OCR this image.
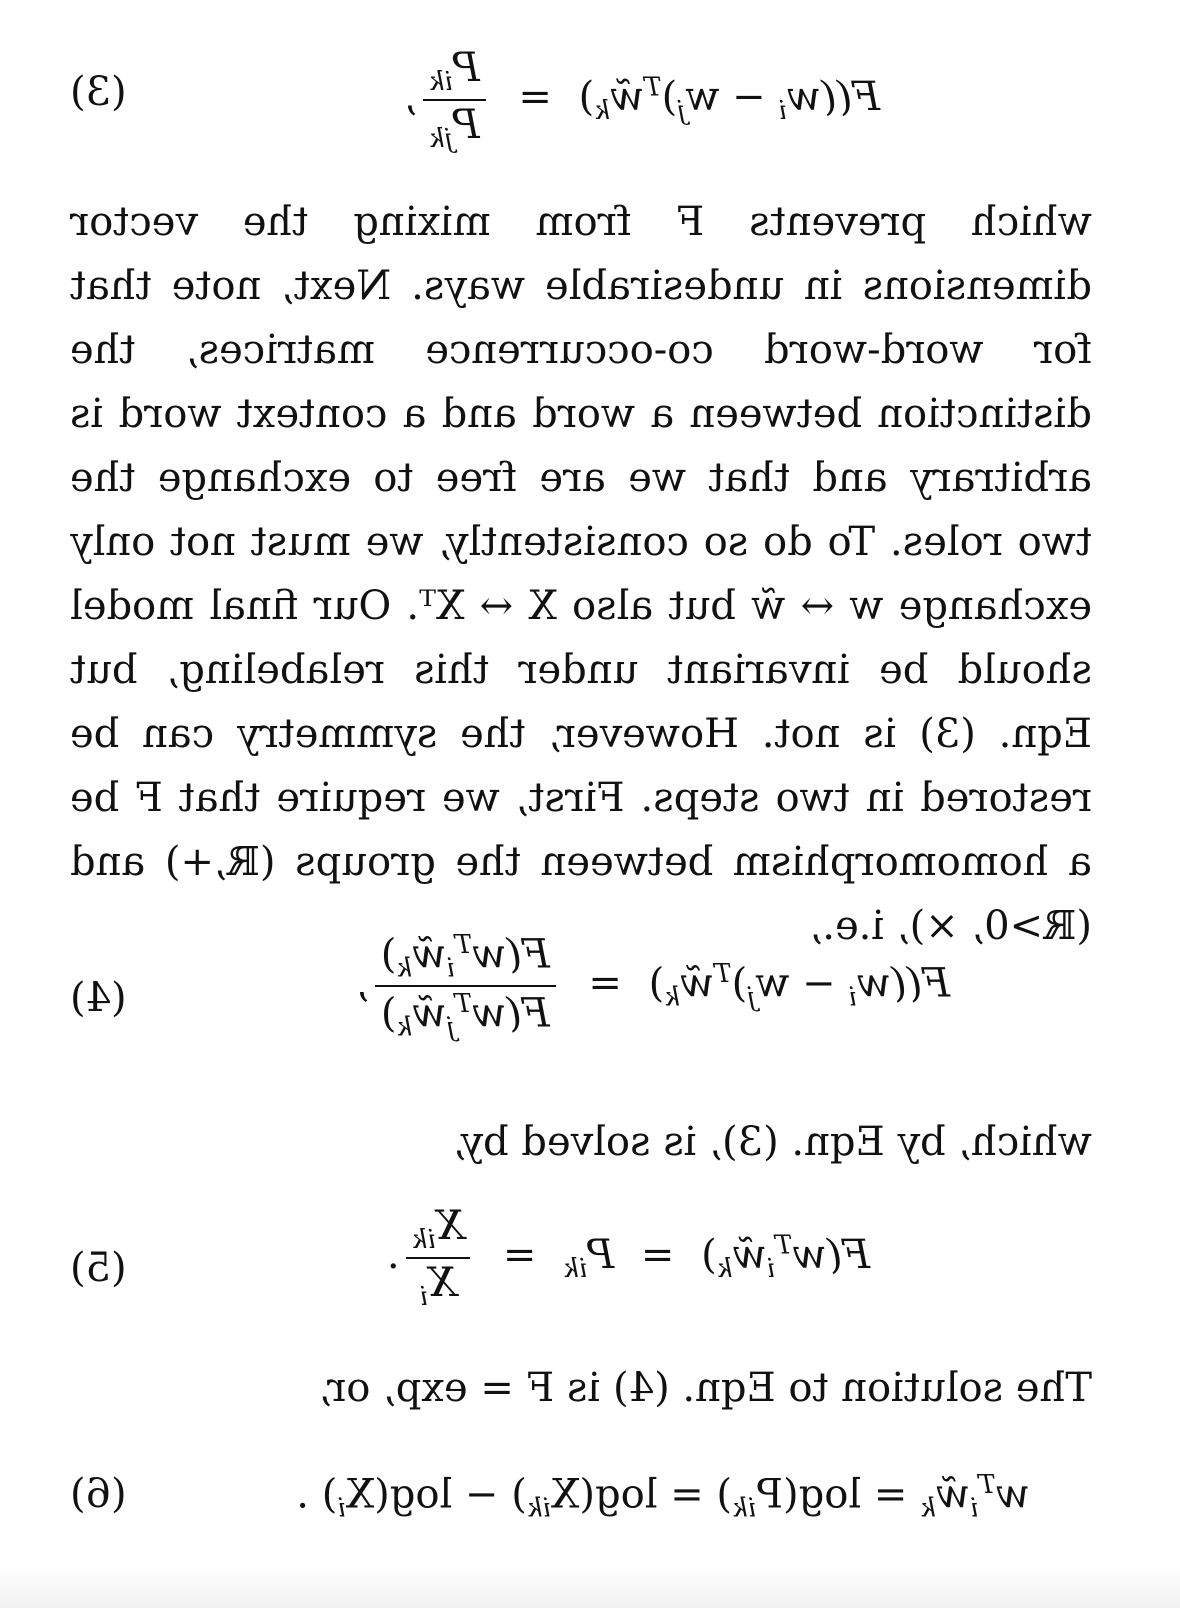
$F((w_i$ − $w_j)^Tw̃_k$) =
$\frac{P_{ik}}{P_{jk}}$
,
(3)
which prevents F from mixing the vector dimensions in undesirable ways. Next, note that for word-word co-occurrence matrices, the distinction between a word and a context word is arbitrary and that we are free to exchange the two roles. To do so consistently, we must not only exchange w ↔ w̃ but also X ↔ Xᵀ. Our final model should be invariant under this relabeling, but Eqn. (3) is not. However, the symmetry can be restored in two steps. First, we require that F be a homomorphism between the groups (ℝ,+) and (ℝ>0, ×), i.e.,
$F((w_i$ − $w_j)^Tw̃_k$) =
$\frac{F(w^T_iw̃_k)}{F(w^T_jw̃_k)}$
,
(4)
which, by Eqn. (3), is solved by,
$F(w^T_iw̃_k) = P_{ik}$ =
$\frac{X_{ik}}{X_i}$
.
(5)
The solution to Eqn. (4) is F = exp, or,
$w^T_iw̃_k = \log(P_{ik}) = \log(X_{ik}) - \log(X_i)$ .
(6)
